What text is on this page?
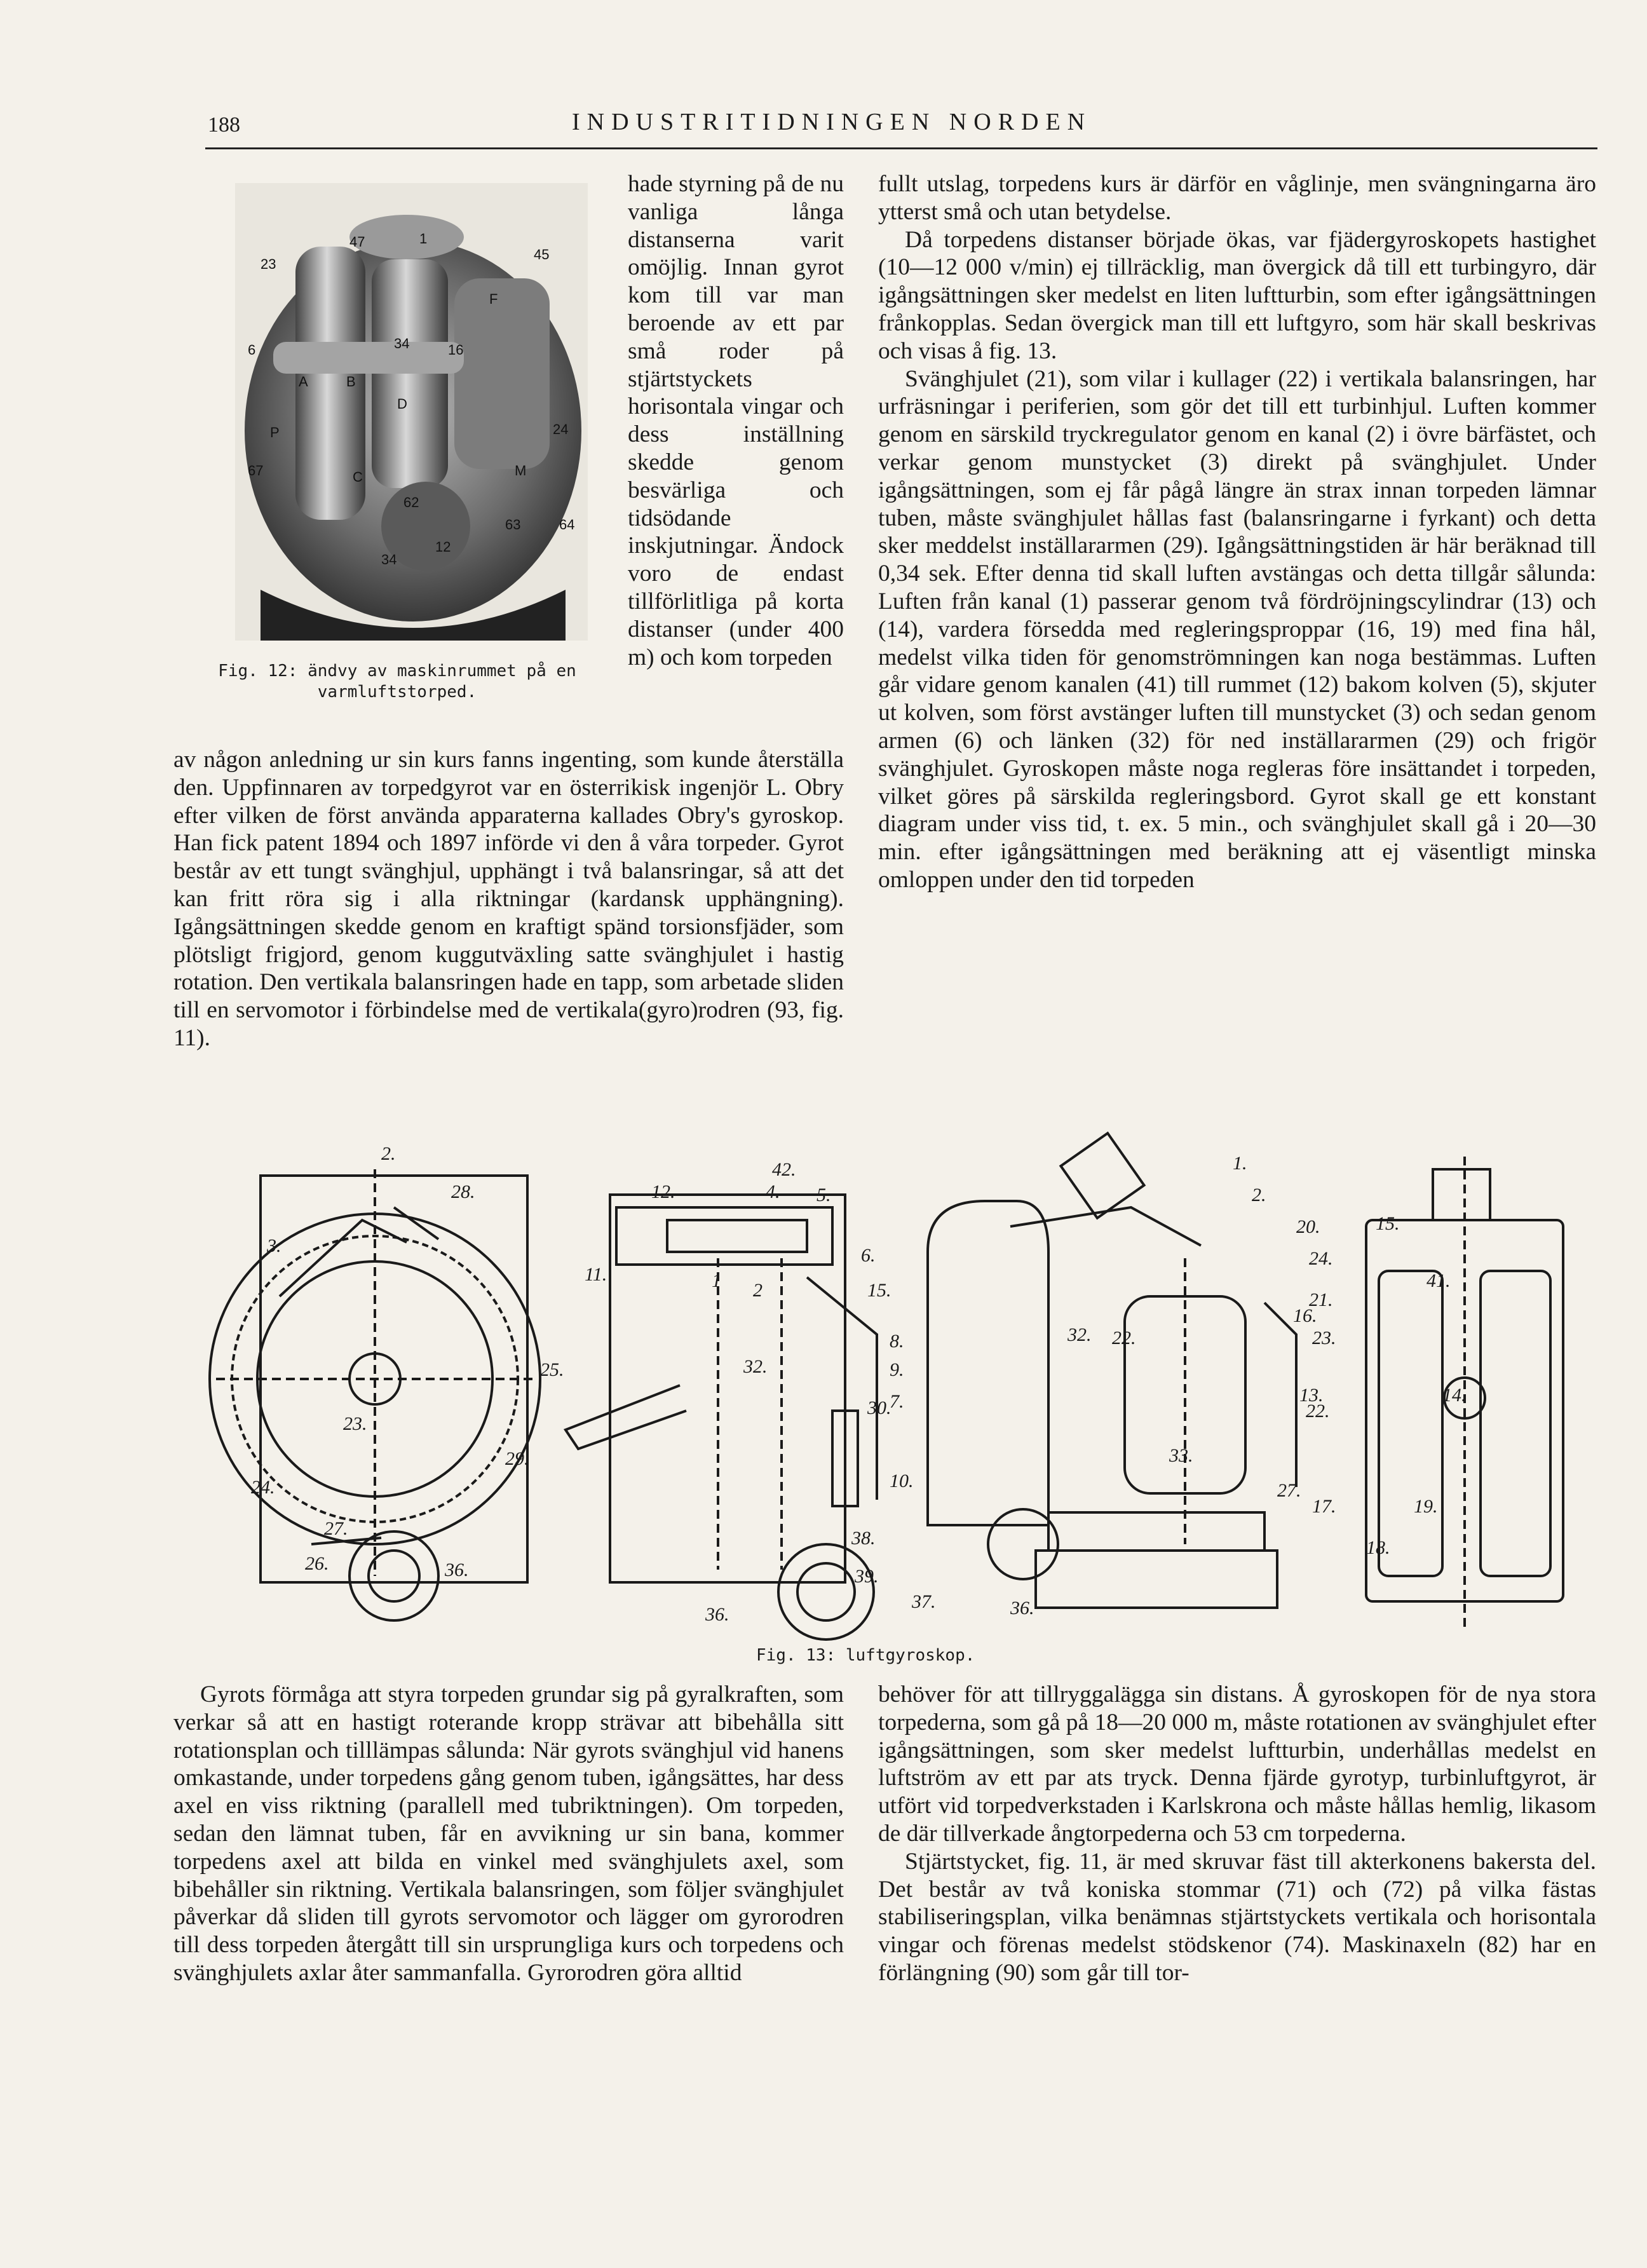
188	INDUSTRITIDNINGEN NORDEN
47	1
45
23
F
34	16
6
A	B
D
P	24
67	M
C
62
63	64
34
12
Fig. 12: ändvy av maskinrummet på en varmluftstorped.
hade styrning på de nu vanliga långa distanserna varit omöjlig. Innan gyrot kom till var man beroende av ett par små roder på stjärtstyckets horisontala vingar och dess inställning skedde genom besvärliga och tidsödande inskjutningar. Ändock voro de endast tillförlitliga på korta distanser (under 400 m) och kom torpeden

av någon anledning ur sin kurs fanns ingenting, som kunde återställa den. Uppfinnaren av torpedgyrot var en österrikisk ingenjör L. Obry efter vilken de först använda apparaterna kallades Obry's gyroskop. Han fick patent 1894 och 1897 införde vi den å våra torpeder. Gyrot består av ett tungt svänghjul, upphängt i två balansringar, så att det kan fritt röra sig i alla riktningar (kardansk upphängning). Igångsättningen skedde genom en kraftigt spänd torsionsfjäder, som plötsligt frigjord, genom kuggutväxling satte svänghjulet i hastig rotation. Den vertikala balansringen hade en tapp, som arbetade sliden till en servomotor i förbindelse med de vertikala(gyro)rodren (93, fig. 11).

fullt utslag, torpedens kurs är därför en våglinje, men svängningarna äro ytterst små och utan betydelse.

Då torpedens distanser började ökas, var fjädergyroskopets hastighet (10—12 000 v/min) ej tillräcklig, man övergick då till ett turbingyro, där igångsättningen sker medelst en liten luftturbin, som efter igångsättningen frånkopplas. Sedan övergick man till ett luftgyro, som här skall beskrivas och visas å fig. 13.

Svänghjulet (21), som vilar i kullager (22) i vertikala balansringen, har urfräsningar i periferien, som gör det till ett turbinhjul. Luften kommer genom en särskild tryckregulator genom en kanal (2) i övre bärfästet, och verkar genom munstycket (3) direkt på svänghjulet. Under igångsättningen, som ej får pågå längre än strax innan torpeden lämnar tuben, måste svänghjulet hållas fast (balansringarne i fyrkant) och detta sker meddelst inställararmen (29). Igångsättningstiden är här beräknad till 0,34 sek. Efter denna tid skall luften avstängas och detta tillgår sålunda: Luften från kanal (1) passerar genom två fördröjningscylindrar (13) och (14), vardera försedda med regleringsproppar (16, 19) med fina hål, medelst vilka tiden för genomströmningen kan noga bestämmas. Luften går vidare genom kanalen (41) till rummet (12) bakom kolven (5), skjuter ut kolven, som först avstänger luften till munstycket (3) och sedan genom armen (6) och länken (32) för ned inställararmen (29) och frigör svänghjulet. Gyroskopen måste noga regleras före insättandet i torpeden, vilket göres på särskilda regleringsbord. Gyrot skall ge ett konstant diagram under viss tid, t. ex. 5 min., och svänghjulet skall gå i 20—30 min. efter igångsättningen med beräkning att ej väsentligt minska omloppen under den tid torpeden

2.
28.
3.
25.
23.
29.
24.
27.
26.	36.
42.
12.	4. 5.
11.
6.
1 2
32.
8.
9.
7.
10.
36.
1.
2.
15.
24.
21.
32. 22.	23.
30.	22.
33.
27.
38.
39.
37.	36.
20.	15.
41.
16.
13.	14.
17.	19.
18.
Fig. 13: luftgyroskop.

Gyrots förmåga att styra torpeden grundar sig på gyralkraften, som verkar så att en hastigt roterande kropp strävar att bibehålla sitt rotationsplan och tilllämpas sålunda: När gyrots svänghjul vid hanens omkastande, under torpedens gång genom tuben, igångsättes, har dess axel en viss riktning (parallell med tubriktningen). Om torpeden, sedan den lämnat tuben, får en avvikning ur sin bana, kommer torpedens axel att bilda en vinkel med svänghjulets axel, som bibehåller sin riktning. Vertikala balansringen, som följer svänghjulet påverkar då sliden till gyrots servomotor och lägger om gyrorodren till dess torpeden återgått till sin ursprungliga kurs och torpedens och svänghjulets axlar åter sammanfalla. Gyrorodren göra alltid

behöver för att tillryggalägga sin distans. Å gyroskopen för de nya stora torpederna, som gå på 18—20 000 m, måste rotationen av svänghjulet efter igångsättningen, som sker medelst luftturbin, underhållas medelst en luftström av ett par ats tryck. Denna fjärde gyrotyp, turbinluftgyrot, är utfört vid torpedverkstaden i Karlskrona och måste hållas hemlig, likasom de där tillverkade ångtorpederna och 53 cm torpederna.

Stjärtstycket, fig. 11, är med skruvar fäst till akterkonens bakersta del. Det består av två koniska stommar (71) och (72) på vilka fästas stabiliseringsplan, vilka benämnas stjärtstyckets vertikala och horisontala vingar och förenas medelst stödskenor (74). Maskinaxeln (82) har en förlängning (90) som går till tor-
